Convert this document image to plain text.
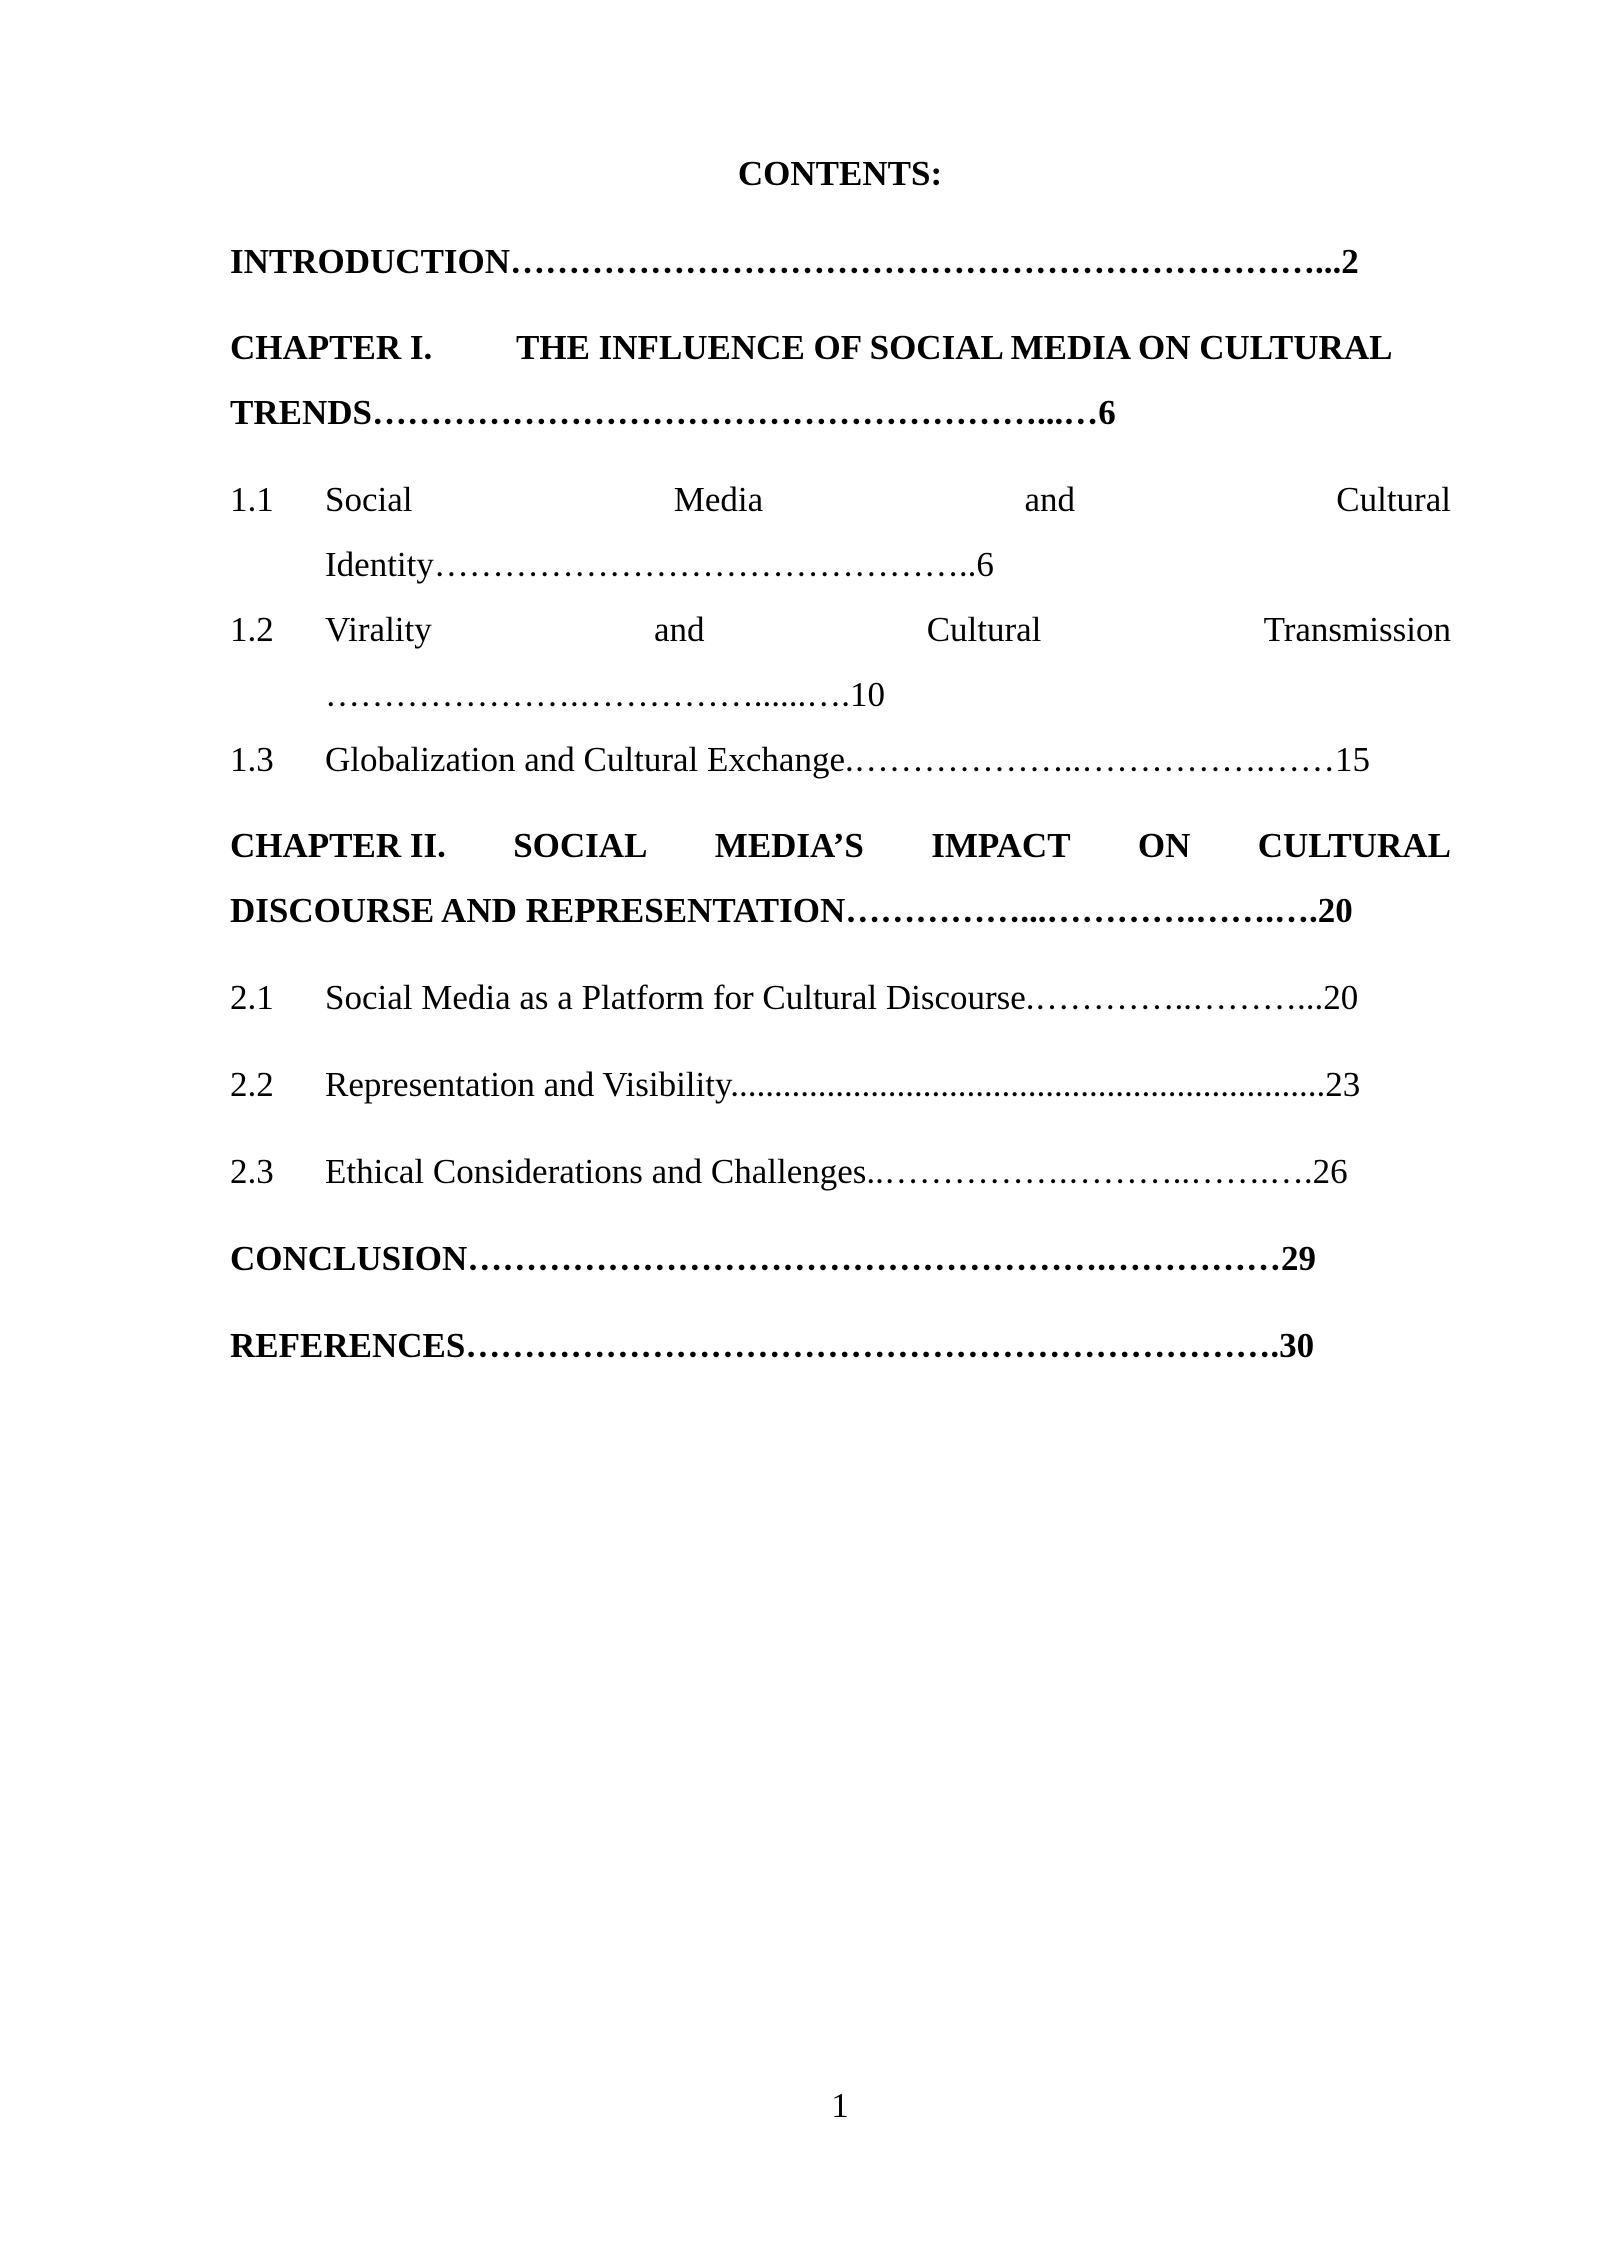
CONTENTS:
INTRODUCTION……………………………………………………………...2
CHAPTER I. THE INFLUENCE OF SOCIAL MEDIA ON CULTURAL
TRENDS…………………………………………………...…6
1.1 Social	Media	and	Cultural
Identity………………………………………..6
1.2 Virality	and	Cultural	Transmission
………………….……………......….10
1.3 Globalization and Cultural Exchange.………………..…………….……15
CHAPTER II. SOCIAL MEDIA’S IMPACT ON CULTURAL
DISCOURSE AND REPRESENTATION……………...………….…….….20
2.1 Social Media as a Platform for Cultural Discourse.…………..………...20
2.2 Representation and Visibility....................................................................23
2.3 Ethical Considerations and Challenges..…………….………..…….….26
CONCLUSION……………………………………………….……………29
REFERENCES…………………………………………………………….30
1
